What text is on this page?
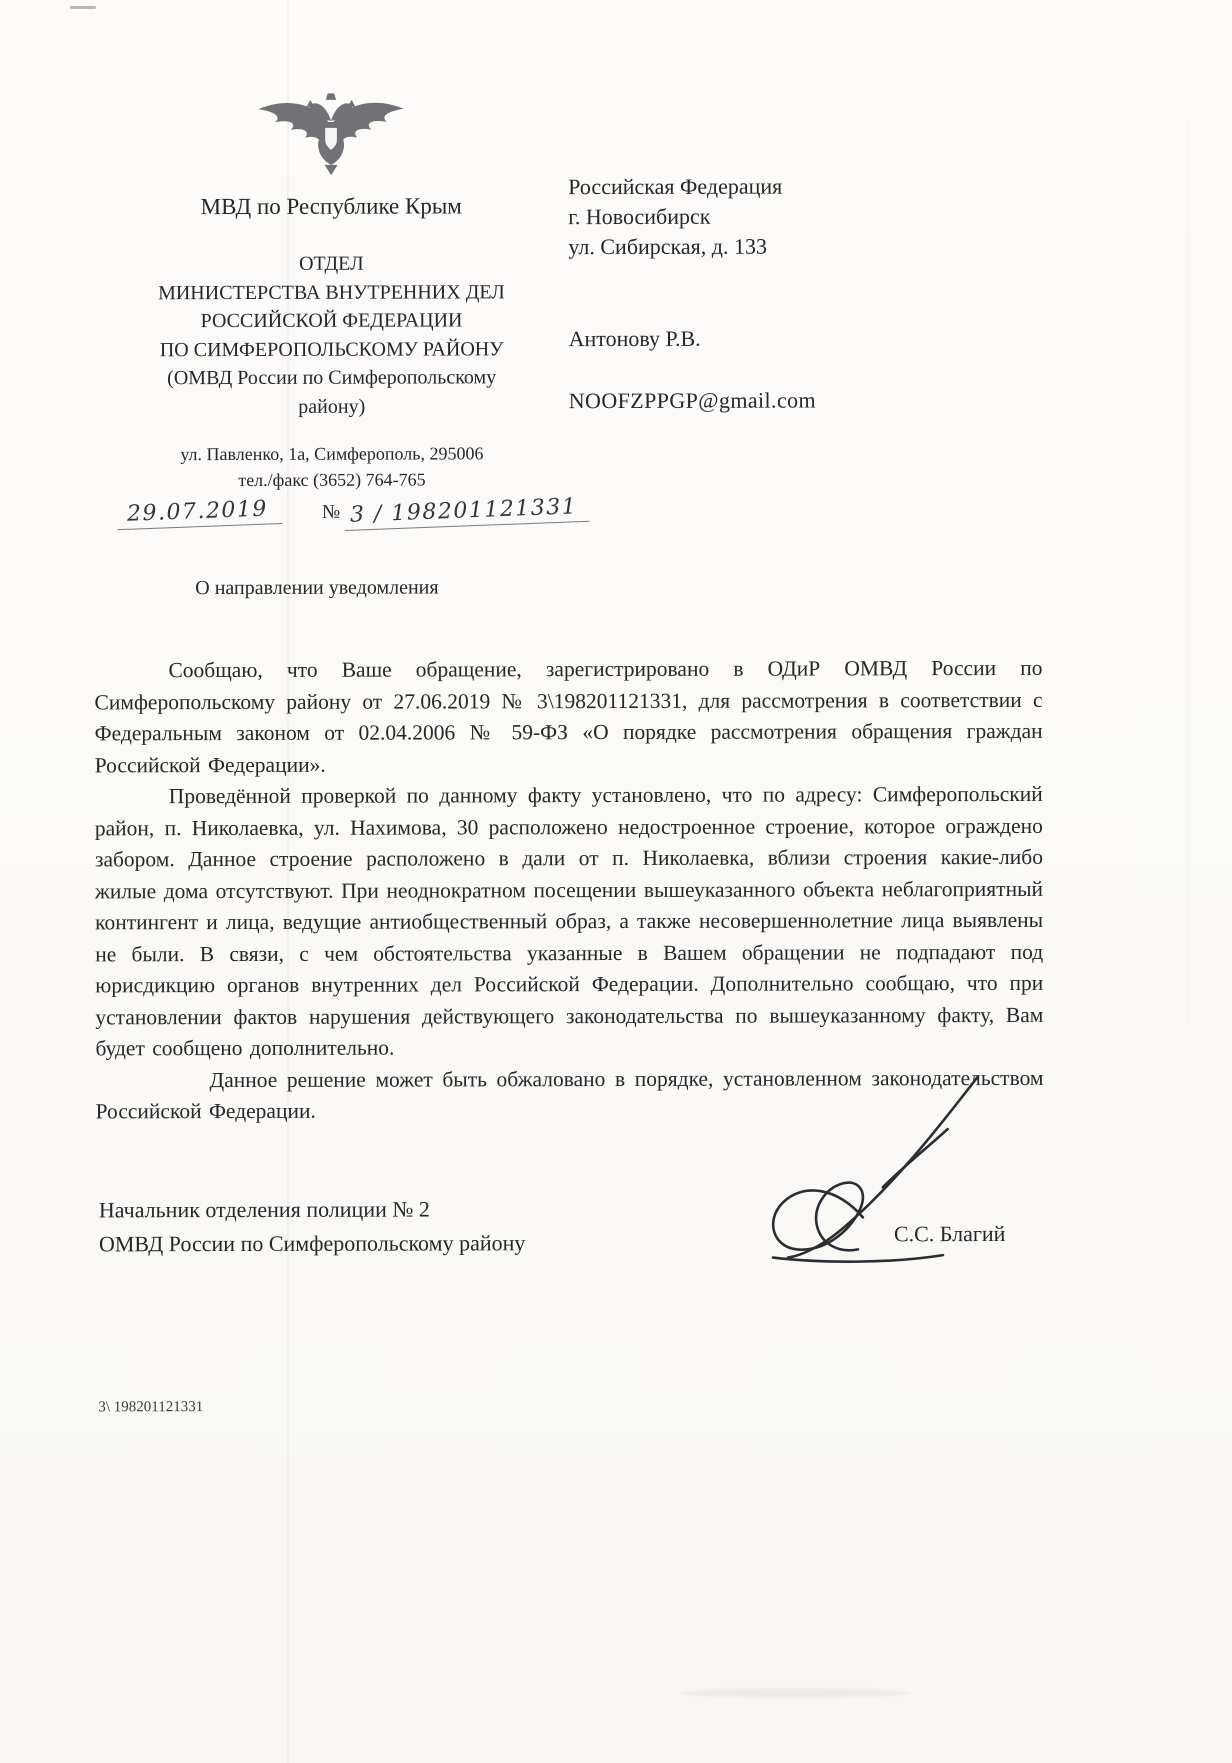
МВД по Республике Крым
ОТДЕЛ
МИНИСТЕРСТВА ВНУТРЕННИХ ДЕЛ
РОССИЙСКОЙ ФЕДЕРАЦИИ
ПО СИМФЕРОПОЛЬСКОМУ РАЙОНУ
(ОМВД России по Симферопольскому
району)
ул. Павленко, 1а, Симферополь, 295006
тел./факс (3652) 764-765
29.07.2019	№ 3 / 198201121331
Российская Федерация
г. Новосибирск
ул. Сибирская, д. 133
Антонову Р.В.
NOOFZPPGP@gmail.com
О направлении уведомления

Сообщаю, что Ваше обращение, зарегистрировано в ОДиР ОМВД России по Симферопольскому району от 27.06.2019 № 3\198201121331, для рассмотрения в соответствии с Федеральным законом от 02.04.2006 № 59-ФЗ «О порядке рассмотрения обращения граждан Российской Федерации».

Проведённой проверкой по данному факту установлено, что по адресу: Симферопольский район, п. Николаевка, ул. Нахимова, 30 расположено недостроенное строение, которое ограждено забором. Данное строение расположено в дали от п. Николаевка, вблизи строения какие-либо жилые дома отсутствуют. При неоднократном посещении вышеуказанного объекта неблагоприятный контингент и лица, ведущие антиобщественный образ, а также несовершеннолетние лица выявлены не были. В связи, с чем обстоятельства указанные в Вашем обращении не подпадают под юрисдикцию органов внутренних дел Российской Федерации. Дополнительно сообщаю, что при установлении фактов нарушения действующего законодательства по вышеуказанному факту, Вам будет сообщено дополнительно.

Данное решение может быть обжаловано в порядке, установленном законодательством Российской Федерации.

Начальник отделения полиции № 2
ОМВД России по Симферопольскому району	С.С. Благий
3\ 198201121331
